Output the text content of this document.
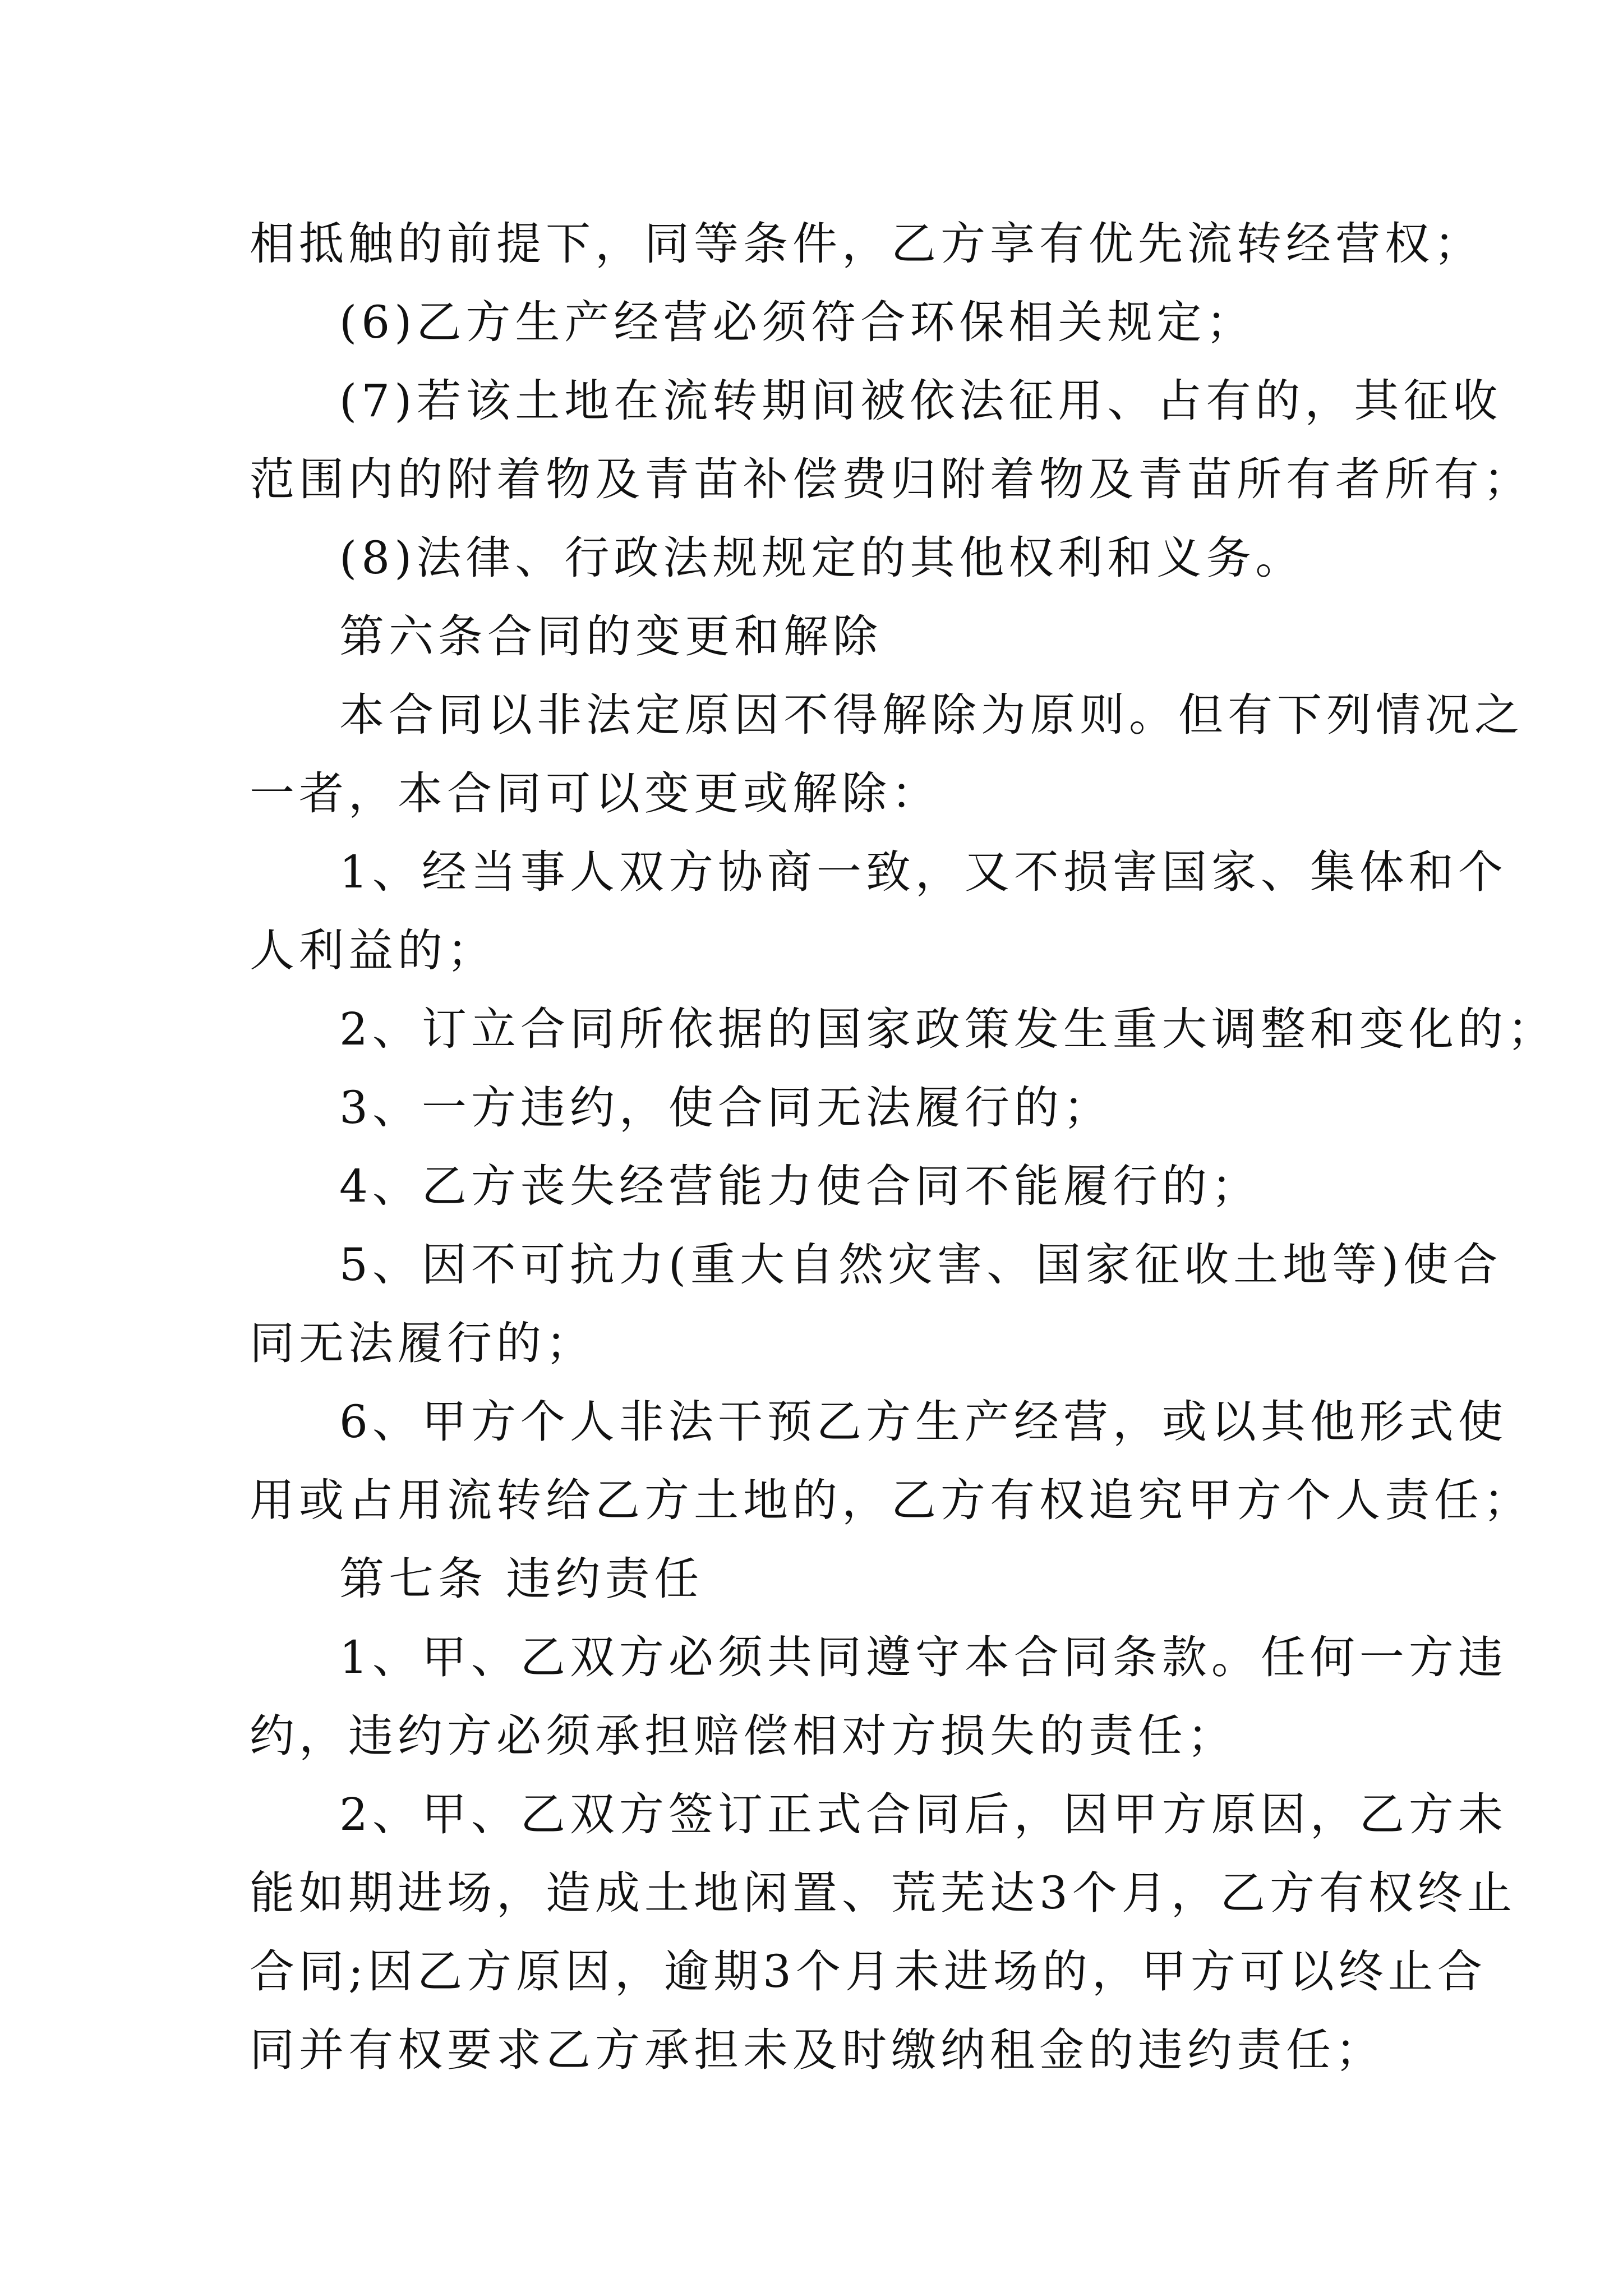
相抵触的前提下，同等条件，乙方享有优先流转经营权；
(6)乙方生产经营必须符合环保相关规定；
(7)若该土地在流转期间被依法征用、占有的，其征收
范围内的附着物及青苗补偿费归附着物及青苗所有者所有；
(8)法律、行政法规规定的其他权利和义务。
第六条合同的变更和解除
本合同以非法定原因不得解除为原则。但有下列情况之
一者，本合同可以变更或解除：
1、经当事人双方协商一致，又不损害国家、集体和个
人利益的；
2、订立合同所依据的国家政策发生重大调整和变化的；
3、一方违约，使合同无法履行的；
4、乙方丧失经营能力使合同不能履行的；
5、因不可抗力(重大自然灾害、国家征收土地等)使合
同无法履行的；
6、甲方个人非法干预乙方生产经营，或以其他形式使
用或占用流转给乙方土地的，乙方有权追究甲方个人责任；
第七条 违约责任
1、甲、乙双方必须共同遵守本合同条款。任何一方违
约，违约方必须承担赔偿相对方损失的责任；
2、甲、乙双方签订正式合同后，因甲方原因，乙方未
能如期进场，造成土地闲置、荒芜达3个月，乙方有权终止
合同;因乙方原因，逾期3个月未进场的，甲方可以终止合
同并有权要求乙方承担未及时缴纳租金的违约责任；
